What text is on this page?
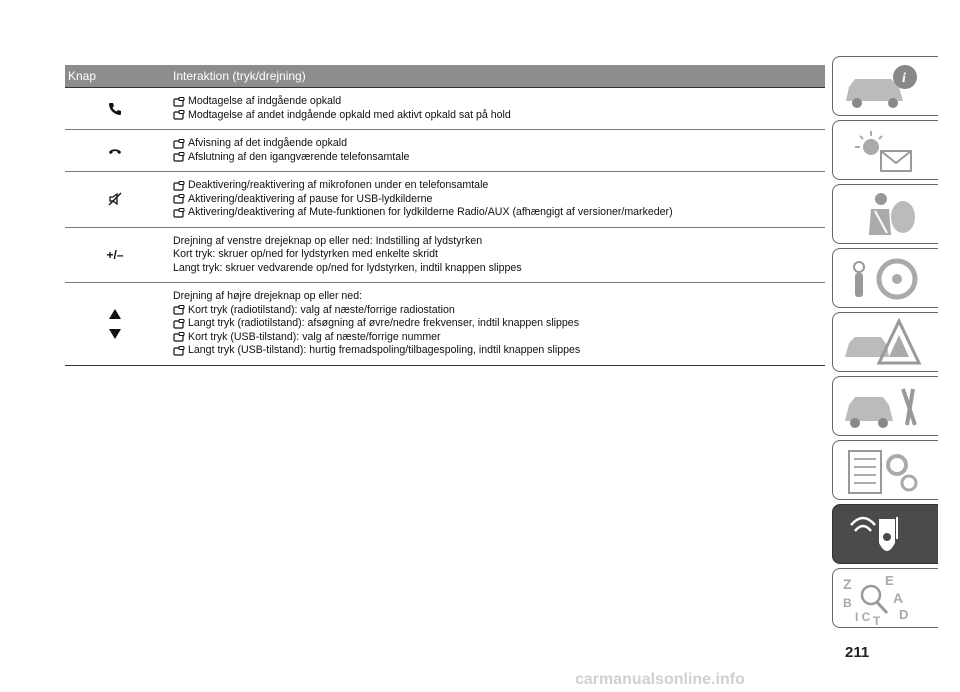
Knap	Interaktion (tryk/drejning)
Modtagelse af indgående opkald
Modtagelse af andet indgående opkald med aktivt opkald sat på hold
Afvisning af det indgående opkald
Afslutning af den igangværende telefonsamtale
Deaktivering/reaktivering af mikrofonen under en telefonsamtale
Aktivering/deaktivering af pause for USB-lydkilderne
Aktivering/deaktivering af Mute-funktionen for lydkilderne Radio/AUX (afhængigt af versioner/markeder)
+/–
Drejning af venstre drejeknap op eller ned: Indstilling af lydstyrken
Kort tryk: skruer op/ned for lydstyrken med enkelte skridt
Langt tryk: skruer vedvarende op/ned for lydstyrken, indtil knappen slippes
Drejning af højre drejeknap op eller ned:
Kort tryk (radiotilstand): valg af næste/forrige radiostation
Langt tryk (radiotilstand): afsøgning af øvre/nedre frekvenser, indtil knappen slippes
Kort tryk (USB-tilstand): valg af næste/forrige nummer
Langt tryk (USB-tilstand): hurtig fremadspoling/tilbagespoling, indtil knappen slippes
i
Z	E
A
B
I C T D
211
carmanualsonline.info
